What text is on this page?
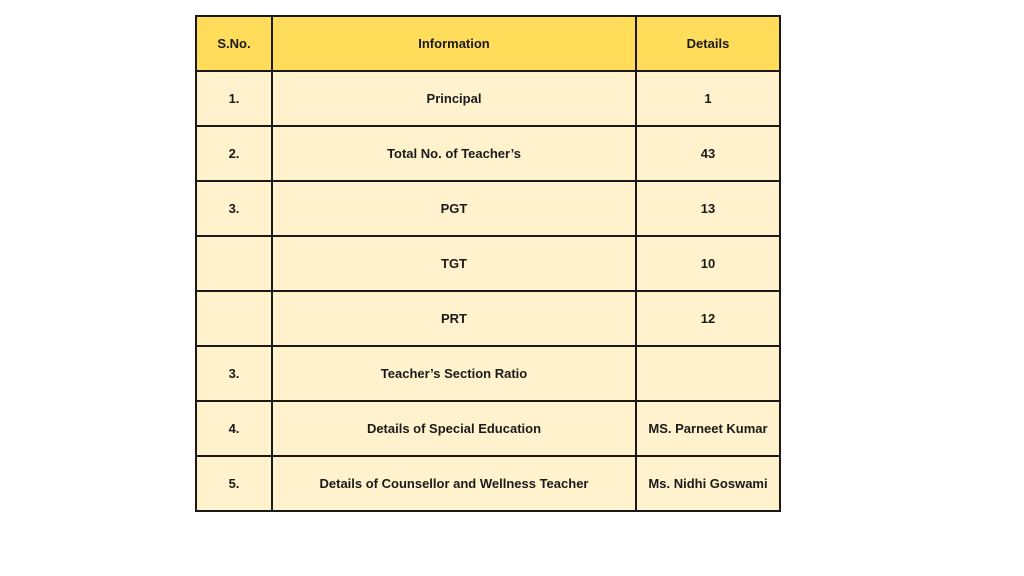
S.No.	Information	Details
1.	Principal	1
2.	Total No. of Teacher’s	43
3.	PGT	13
	TGT	10
	PRT	12
3.	Teacher’s Section Ratio	
4.	Details of Special Education	MS. Parneet Kumar
5.	Details of Counsellor and Wellness Teacher	Ms. Nidhi Goswami
